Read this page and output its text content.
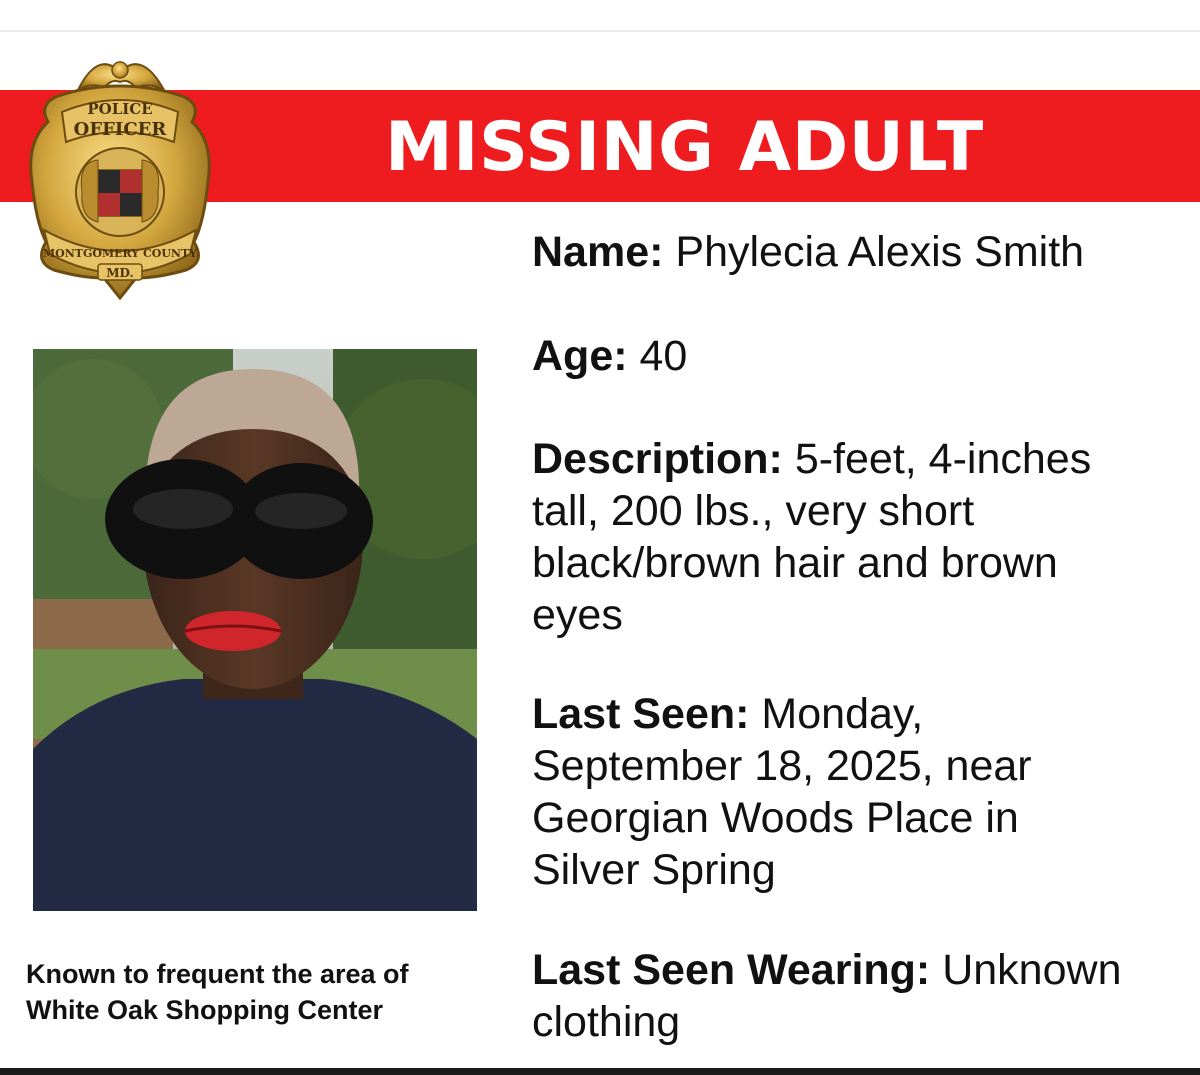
MISSING ADULT
POLICE
OFFICER
MONTGOMERY COUNTY
MD.
Known to frequent the area of
White Oak Shopping Center
Name: Phylecia Alexis Smith
Age: 40
Description: 5-feet, 4-inches tall, 200 lbs., very short black/brown hair and brown eyes
Last Seen: Monday, September 18, 2025, near Georgian Woods Place in Silver Spring
Last Seen Wearing: Unknown clothing
